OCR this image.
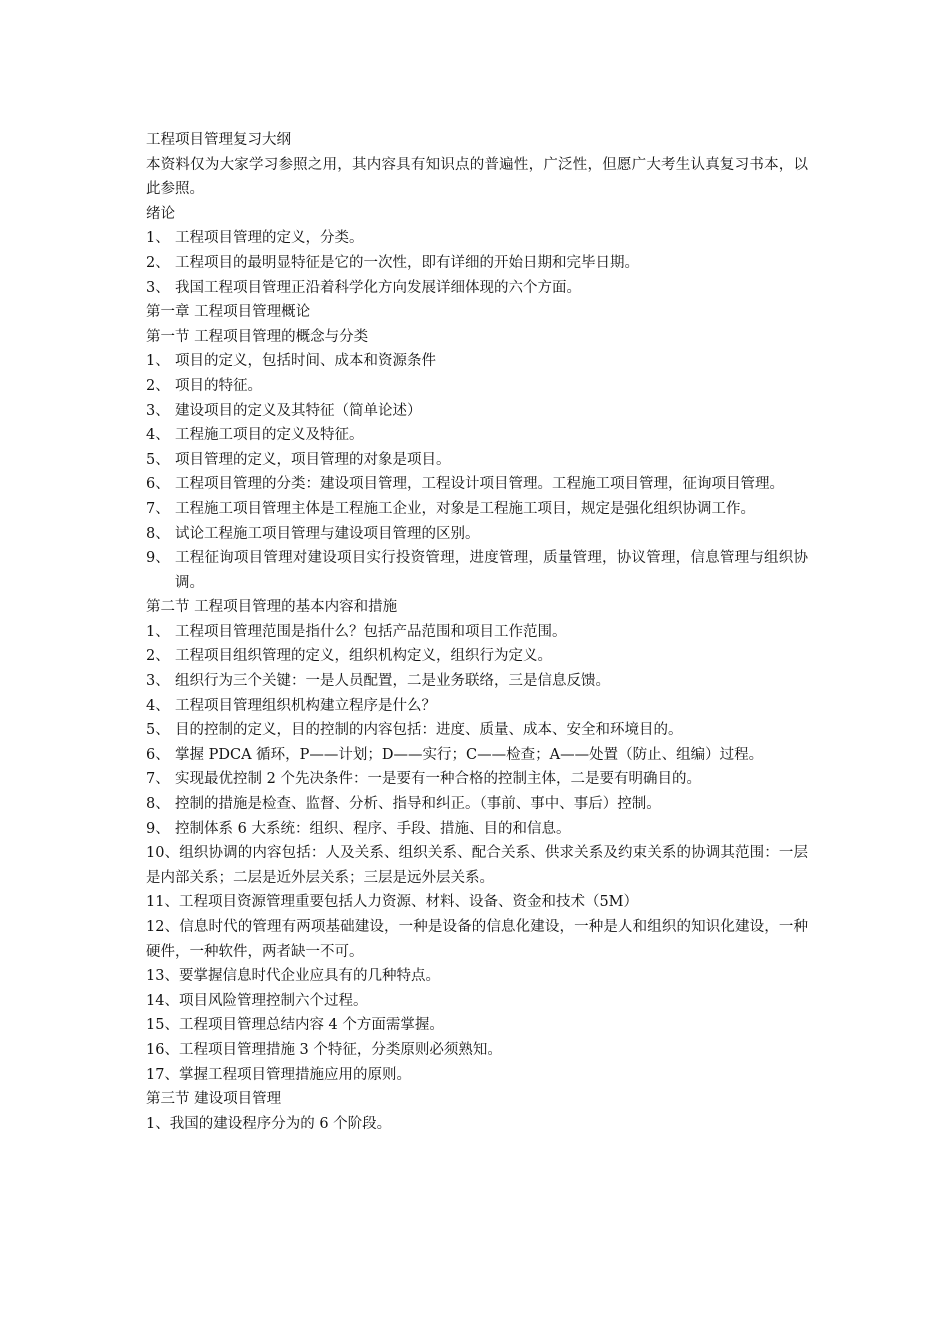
工程项目管理复习大纲
本资料仅为大家学习参照之用，其内容具有知识点的普遍性，广泛性，但愿广大考生认真复习书本，以此参照。
绪论
1、 工程项目管理的定义，分类。
2、 工程项目的最明显特征是它的一次性，即有详细的开始日期和完毕日期。
3、 我国工程项目管理正沿着科学化方向发展详细体现的六个方面。
第一章 工程项目管理概论
第一节 工程项目管理的概念与分类
1、 项目的定义，包括时间、成本和资源条件
2、 项目的特征。
3、 建设项目的定义及其特征（简单论述）
4、 工程施工项目的定义及特征。
5、 项目管理的定义，项目管理的对象是项目。
6、 工程项目管理的分类：建设项目管理，工程设计项目管理。工程施工项目管理，征询项目管理。
7、 工程施工项目管理主体是工程施工企业，对象是工程施工项目，规定是强化组织协调工作。
8、 试论工程施工项目管理与建设项目管理的区别。
9、 工程征询项目管理对建设项目实行投资管理，进度管理，质量管理，协议管理，信息管理与组织协调。
第二节 工程项目管理的基本内容和措施
1、 工程项目管理范围是指什么？包括产品范围和项目工作范围。
2、 工程项目组织管理的定义，组织机构定义，组织行为定义。
3、 组织行为三个关键：一是人员配置，二是业务联络，三是信息反馈。
4、 工程项目管理组织机构建立程序是什么？
5、 目的控制的定义，目的控制的内容包括：进度、质量、成本、安全和环境目的。
6、 掌握 PDCA 循环，P——计划；D——实行；C——检查；A——处置（防止、组编）过程。
7、 实现最优控制 2 个先决条件：一是要有一种合格的控制主体，二是要有明确目的。
8、 控制的措施是检查、监督、分析、指导和纠正。（事前、事中、事后）控制。
9、 控制体系 6 大系统：组织、程序、手段、措施、目的和信息。
10、组织协调的内容包括：人及关系、组织关系、配合关系、供求关系及约束关系的协调其范围：一层是内部关系；二层是近外层关系；三层是远外层关系。
11、工程项目资源管理重要包括人力资源、材料、设备、资金和技术（5M）
12、信息时代的管理有两项基础建设，一种是设备的信息化建设，一种是人和组织的知识化建设，一种硬件，一种软件，两者缺一不可。
13、要掌握信息时代企业应具有的几种特点。
14、项目风险管理控制六个过程。
15、工程项目管理总结内容 4 个方面需掌握。
16、工程项目管理措施 3 个特征，分类原则必须熟知。
17、掌握工程项目管理措施应用的原则。
第三节 建设项目管理
1、我国的建设程序分为的 6 个阶段。
